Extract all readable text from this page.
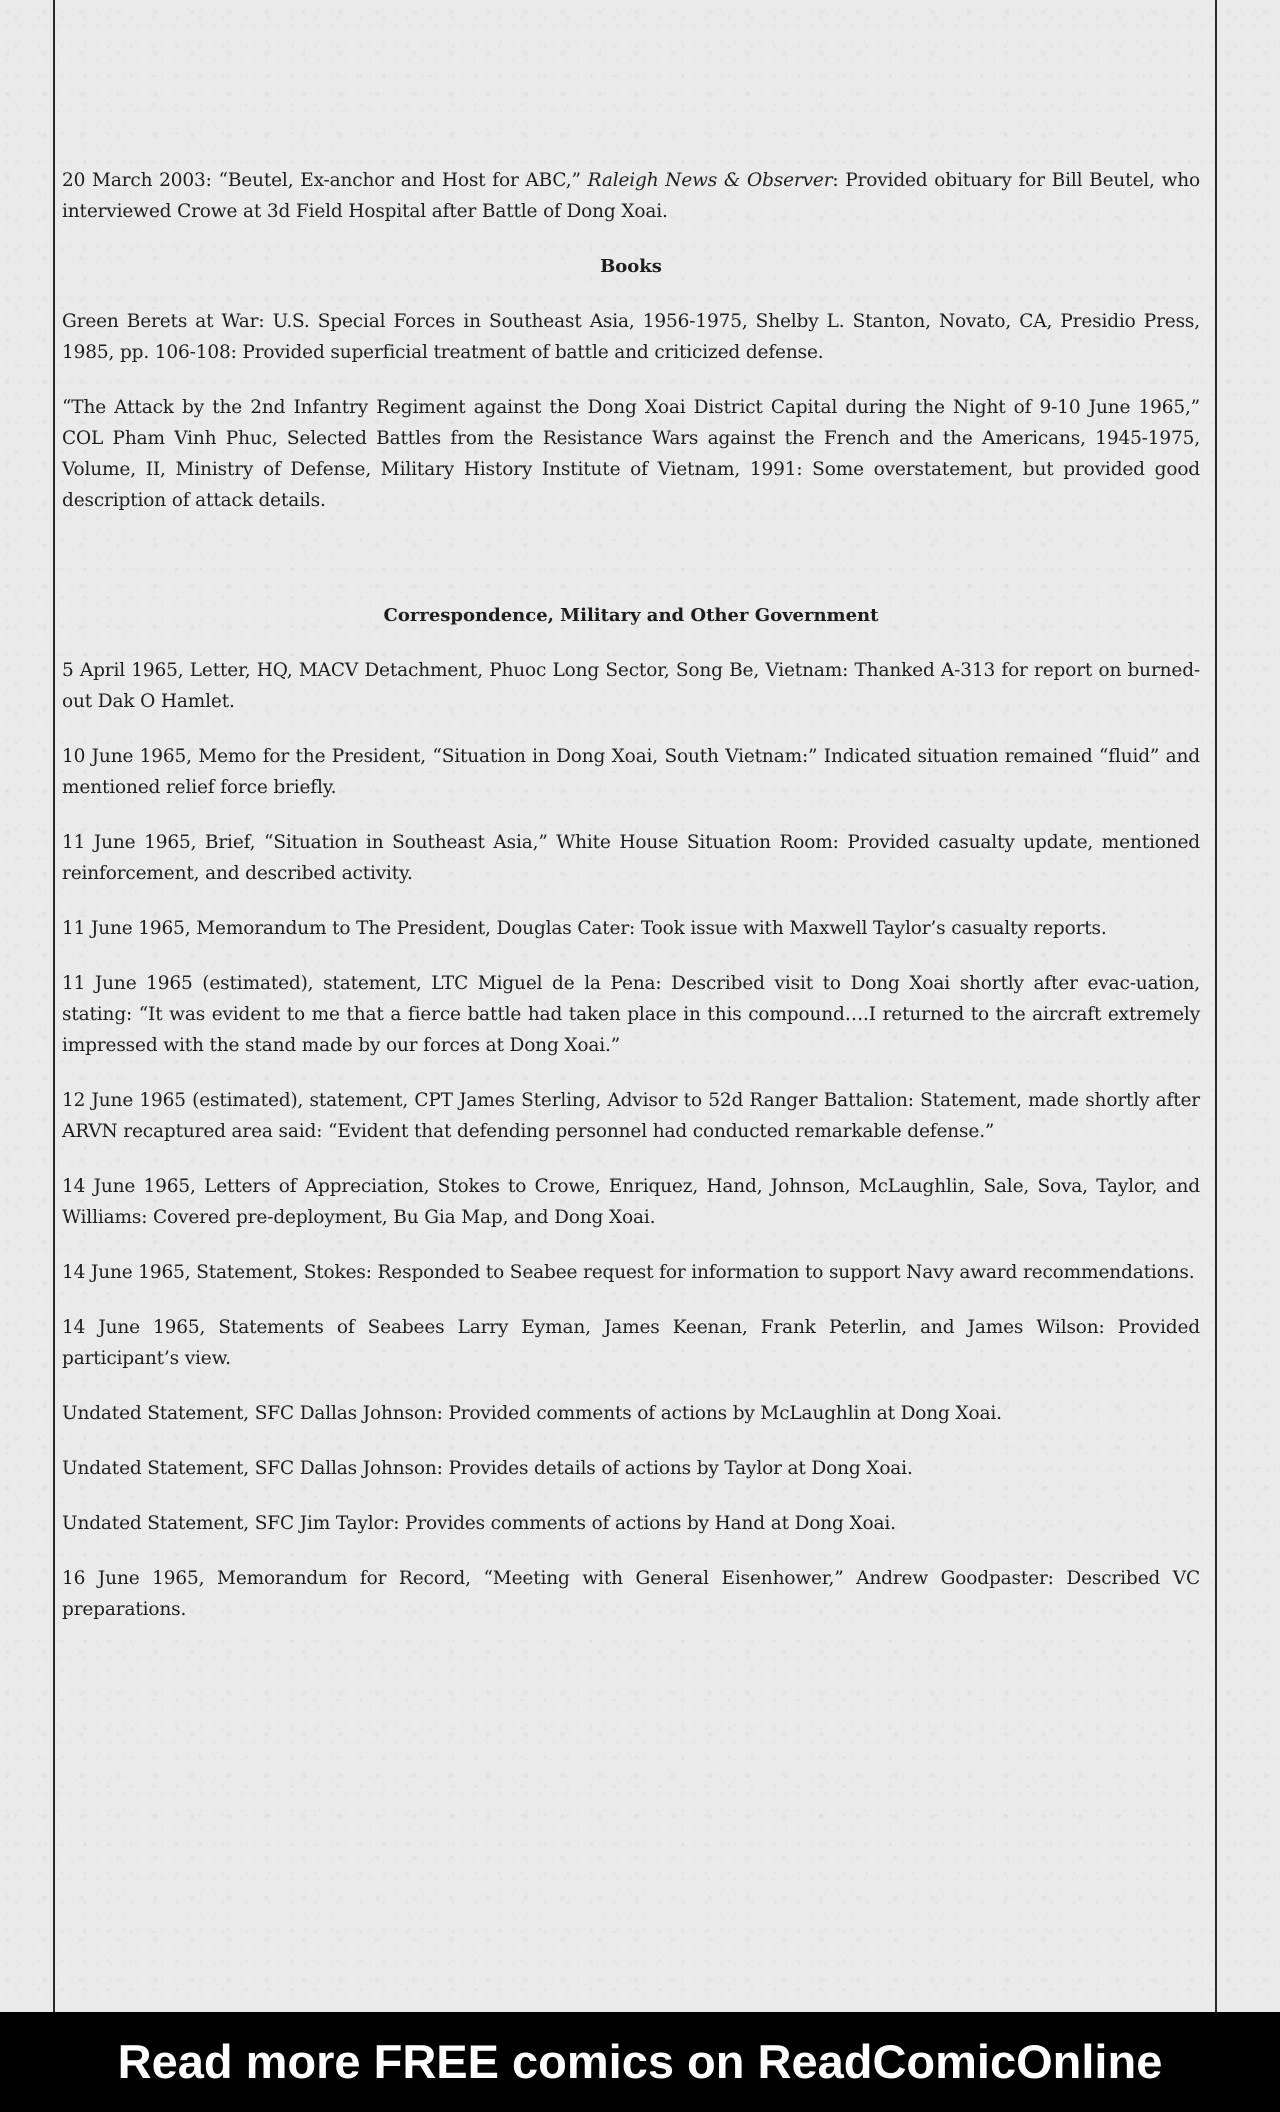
20 March 2003: “Beutel, Ex-anchor and Host for ABC,” Raleigh News & Observer: Provided obituary for Bill Beutel, who interviewed Crowe at 3d Field Hospital after Battle of Dong Xoai.

Books

Green Berets at War: U.S. Special Forces in Southeast Asia, 1956-1975, Shelby L. Stanton, Novato, CA, Presidio Press, 1985, pp. 106-108: Provided superficial treatment of battle and criticized defense.

“The Attack by the 2nd Infantry Regiment against the Dong Xoai District Capital during the Night of 9-10 June 1965,” COL Pham Vinh Phuc, Selected Battles from the Resistance Wars against the French and the Americans, 1945-1975, Volume, II, Ministry of Defense, Military History Institute of Vietnam, 1991: Some overstatement, but provided good description of attack details.

Correspondence, Military and Other Government

5 April 1965, Letter, HQ, MACV Detachment, Phuoc Long Sector, Song Be, Vietnam: Thanked A-313 for report on burned-out Dak O Hamlet.

10 June 1965, Memo for the President, “Situation in Dong Xoai, South Vietnam:” Indicated situation remained “fluid” and mentioned relief force briefly.

11 June 1965, Brief, “Situation in Southeast Asia,” White House Situation Room: Provided casualty update, mentioned reinforcement, and described activity.

11 June 1965, Memorandum to The President, Douglas Cater: Took issue with Maxwell Taylor’s casualty reports.

11 June 1965 (estimated), statement, LTC Miguel de la Pena: Described visit to Dong Xoai shortly after evac-uation, stating: “It was evident to me that a fierce battle had taken place in this compound….I returned to the aircraft extremely impressed with the stand made by our forces at Dong Xoai.”

12 June 1965 (estimated), statement, CPT James Sterling, Advisor to 52d Ranger Battalion: Statement, made shortly after ARVN recaptured area said: “Evident that defending personnel had conducted remarkable defense.”

14 June 1965, Letters of Appreciation, Stokes to Crowe, Enriquez, Hand, Johnson, McLaughlin, Sale, Sova, Taylor, and Williams: Covered pre-deployment, Bu Gia Map, and Dong Xoai.

14 June 1965, Statement, Stokes: Responded to Seabee request for information to support Navy award recommendations.

14 June 1965, Statements of Seabees Larry Eyman, James Keenan, Frank Peterlin, and James Wilson: Provided participant’s view.

Undated Statement, SFC Dallas Johnson: Provided comments of actions by McLaughlin at Dong Xoai.

Undated Statement, SFC Dallas Johnson: Provides details of actions by Taylor at Dong Xoai.

Undated Statement, SFC Jim Taylor: Provides comments of actions by Hand at Dong Xoai.

16 June 1965, Memorandum for Record, “Meeting with General Eisenhower,” Andrew Goodpaster: Described VC preparations.

Read more FREE comics on ReadComicOnline
